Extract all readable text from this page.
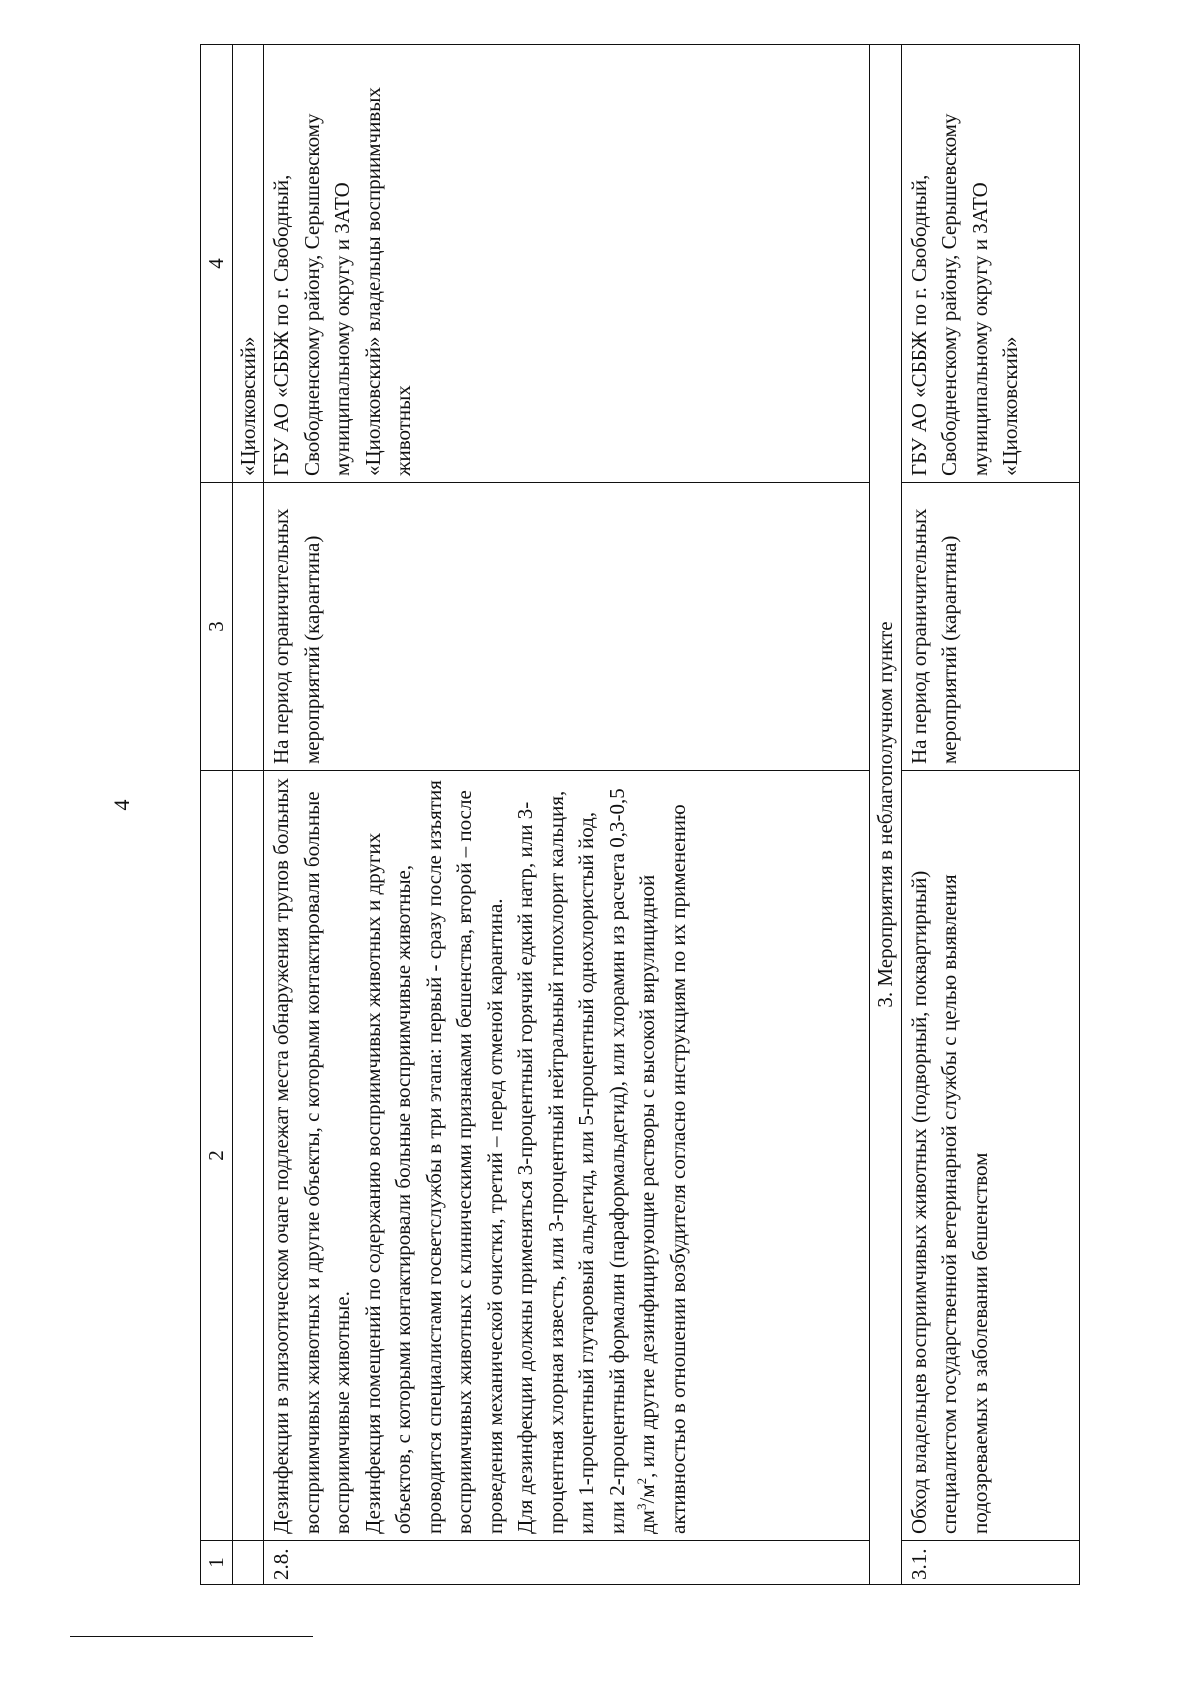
4
1	2	3	4
			«Циолковский»
2.8.	Дезинфекции в эпизоотическом очаге подлежат места обнаружения трупов больных восприимчивых животных и другие объекты, с которыми контактировали больные восприимчивые животные. Дезинфекция помещений по содержанию восприимчивых животных и других объектов, с которыми контактировали больные восприимчивые животные, проводится специалистами госветслужбы в три этапа: первый - сразу после изъятия восприимчивых животных с клиническими признаками бешенства, второй – после проведения механической очистки, третий – перед отменой карантина. Для дезинфекции должны применяться 3-процентный горячий едкий натр, или 3-процентная хлорная известь, или 3-процентный нейтральный гипохлорит кальция, или 1-процентный глутаровый альдегид, или 5-процентный однохлористый йод, или 2-процентный формалин (параформальдегид), или хлорамин из расчета 0,3-0,5 $дм^3/м^2$, или другие дезинфицирующие растворы с высокой вирулицидной активностью в отношении возбудителя согласно инструкциям по их применению	На период ограничительных мероприятий (карантина)	ГБУ АО «СББЖ по г. Свободный, Свободненскому району, Серышевскому муниципальному округу и ЗАТО «Циолковский» владельцы восприимчивых животных
3. Мероприятия в неблагополучном пункте			
3.1.	Обход владельцев восприимчивых животных (подворный, поквартирный) специалистом государственной ветеринарной службы с целью выявления подозреваемых в заболевании бешенством	На период ограничительных мероприятий (карантина)	ГБУ АО «СББЖ по г. Свободный, Свободненскому району, Серышевскому муниципальному округу и ЗАТО «Циолковский»
